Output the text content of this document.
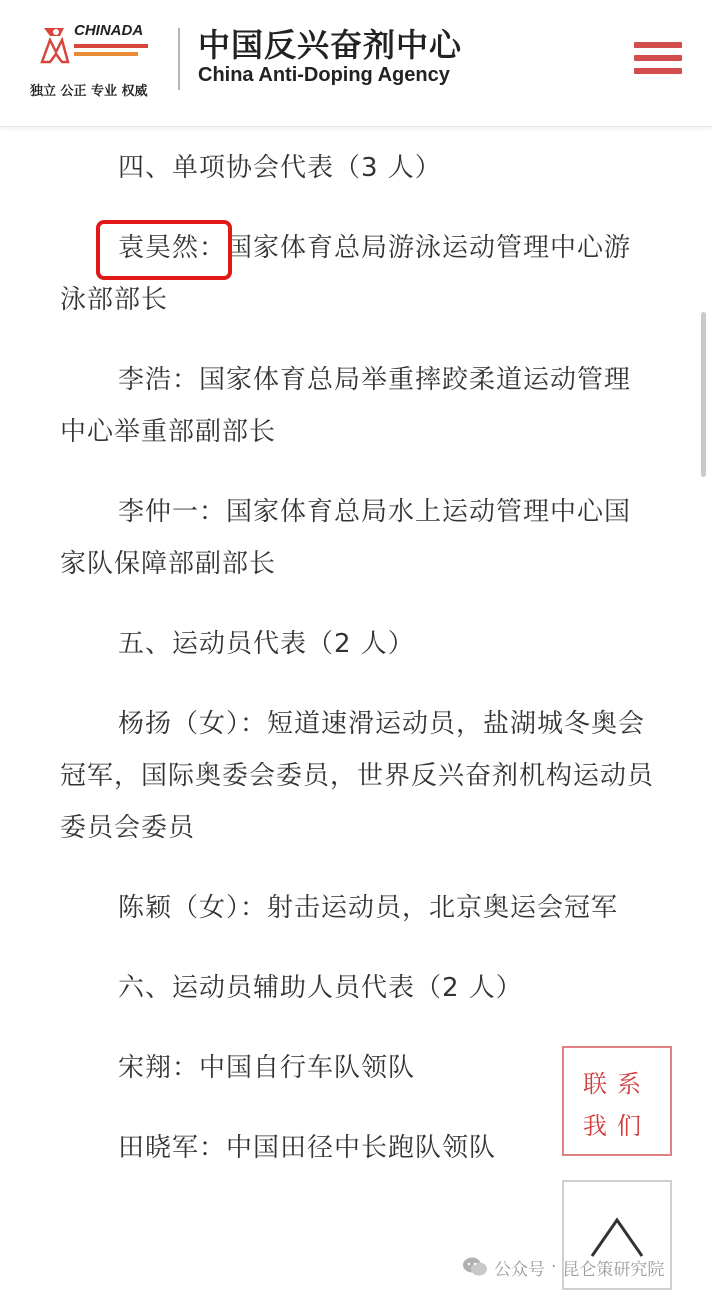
CHINADA
独立 公正 专业 权威
中国反兴奋剂中心
China Anti-Doping Agency

四、单项协会代表（3 人）

袁昊然：国家体育总局游泳运动管理中心游泳部部长

李浩：国家体育总局举重摔跤柔道运动管理中心举重部副部长

李仲一：国家体育总局水上运动管理中心国家队保障部副部长

五、运动员代表（2 人）

杨扬（女）：短道速滑运动员，盐湖城冬奥会冠军，国际奥委会委员，世界反兴奋剂机构运动员委员会委员

陈颖（女）：射击运动员，北京奥运会冠军

六、运动员辅助人员代表（2 人）

宋翔：中国自行车队领队

田晓军：中国田径中长跑队领队

联系
我们
公众号 · 昆仑策研究院
